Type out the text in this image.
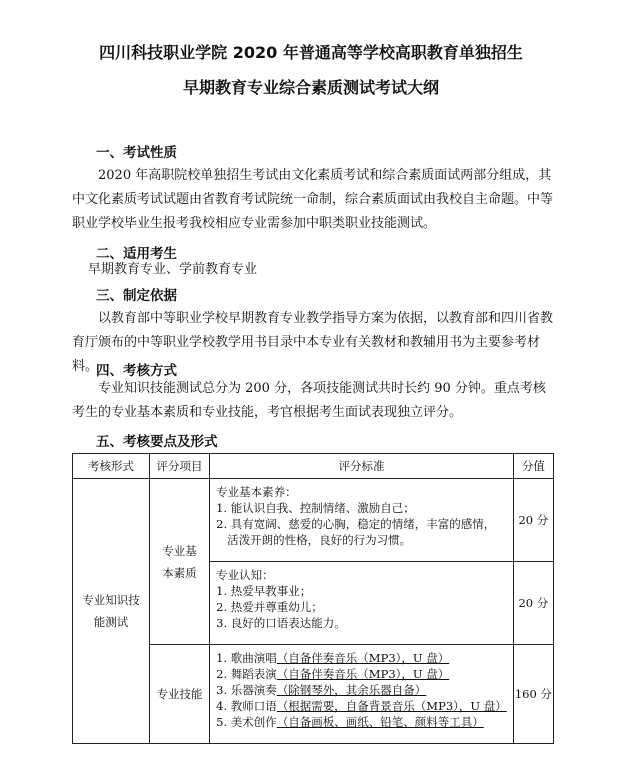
四川科技职业学院 2020 年普通高等学校高职教育单独招生
早期教育专业综合素质测试考试大纲
一、考试性质
2020 年高职院校单独招生考试由文化素质考试和综合素质面试两部分组成，其中文化素质考试试题由省教育考试院统一命制，综合素质面试由我校自主命题。中等职业学校毕业生报考我校相应专业需参加中职类职业技能测试。
二、适用考生
早期教育专业、学前教育专业
三、制定依据
以教育部中等职业学校早期教育专业教学指导方案为依据，以教育部和四川省教育厅颁布的中等职业学校教学用书目录中本专业有关教材和教辅用书为主要参考材料。
四、考核方式
专业知识技能测试总分为 200 分，各项技能测试共时长约 90 分钟。重点考核考生的专业基本素质和专业技能，考官根据考生面试表现独立评分。
五、考核要点及形式
考核形式	评分项目	评分标准	分值

专业知识技能测试	专业基本素质	专业基本素养：
1. 能认识自我、控制情绪、激励自己；
2. 具有宽阔、慈爱的心胸，稳定的情绪，丰富的感情，
活泼开朗的性格，良好的行为习惯。	20 分

		专业认知：
1. 热爱早教事业；
2. 热爱并尊重幼儿；
3. 良好的口语表达能力。	20 分
	专业技能	1. 歌曲演唱（自备伴奏音乐（MP3），U 盘）
2. 舞蹈表演（自备伴奏音乐（MP3），U 盘）
3. 乐器演奏（除钢琴外，其余乐器自备）
4. 教师口语（根据需要，自备背景音乐（MP3），U 盘）
5. 美术创作（自备画板、画纸、铅笔、颜料等工具）	160 分
